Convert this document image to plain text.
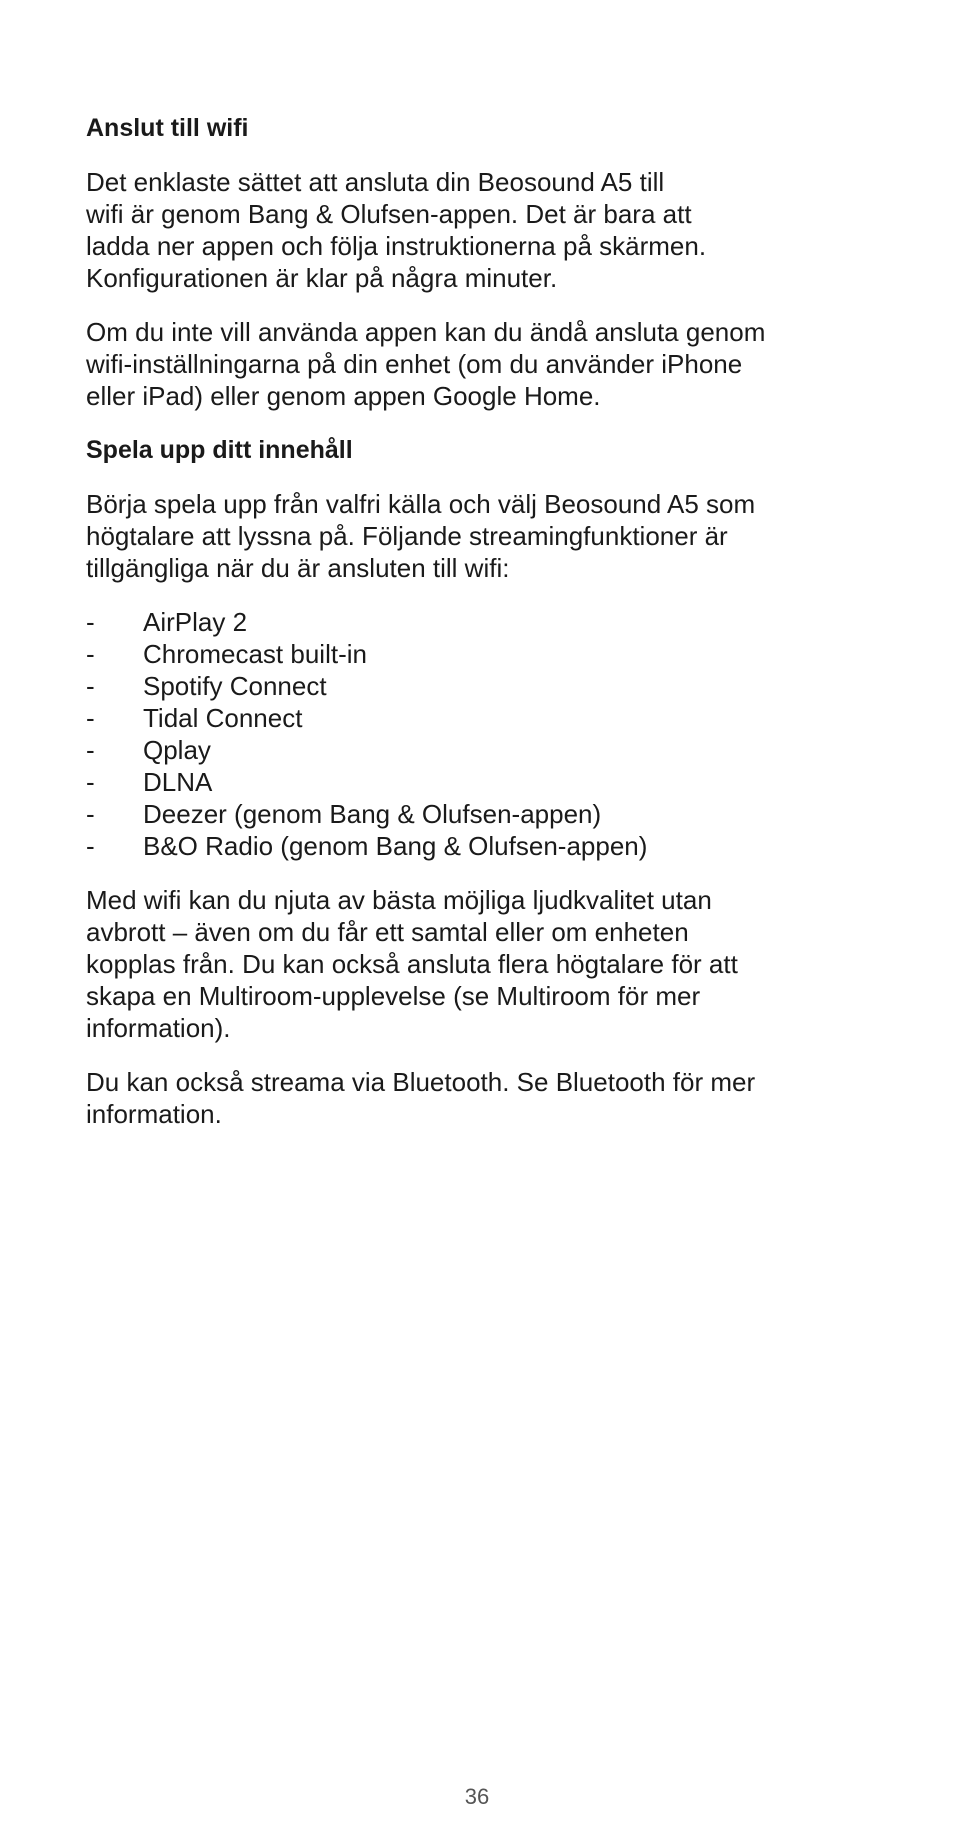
Anslut till wifi
Det enklaste sättet att ansluta din Beosound A5 till
wifi är genom Bang & Olufsen-appen. Det är bara att
ladda ner appen och följa instruktionerna på skärmen.
Konfigurationen är klar på några minuter.
Om du inte vill använda appen kan du ändå ansluta genom
wifi-inställningarna på din enhet (om du använder iPhone
eller iPad) eller genom appen Google Home.
Spela upp ditt innehåll
Börja spela upp från valfri källa och välj Beosound A5 som
högtalare att lyssna på. Följande streamingfunktioner är
tillgängliga när du är ansluten till wifi:
-	AirPlay 2
-	Chromecast built-in
-	Spotify Connect
-	Tidal Connect
-	Qplay
-	DLNA
-	Deezer (genom Bang & Olufsen-appen)
-	B&O Radio (genom Bang & Olufsen-appen)
Med wifi kan du njuta av bästa möjliga ljudkvalitet utan
avbrott – även om du får ett samtal eller om enheten
kopplas från. Du kan också ansluta flera högtalare för att
skapa en Multiroom-upplevelse (se Multiroom för mer
information).
Du kan också streama via Bluetooth. Se Bluetooth för mer
information.
36
